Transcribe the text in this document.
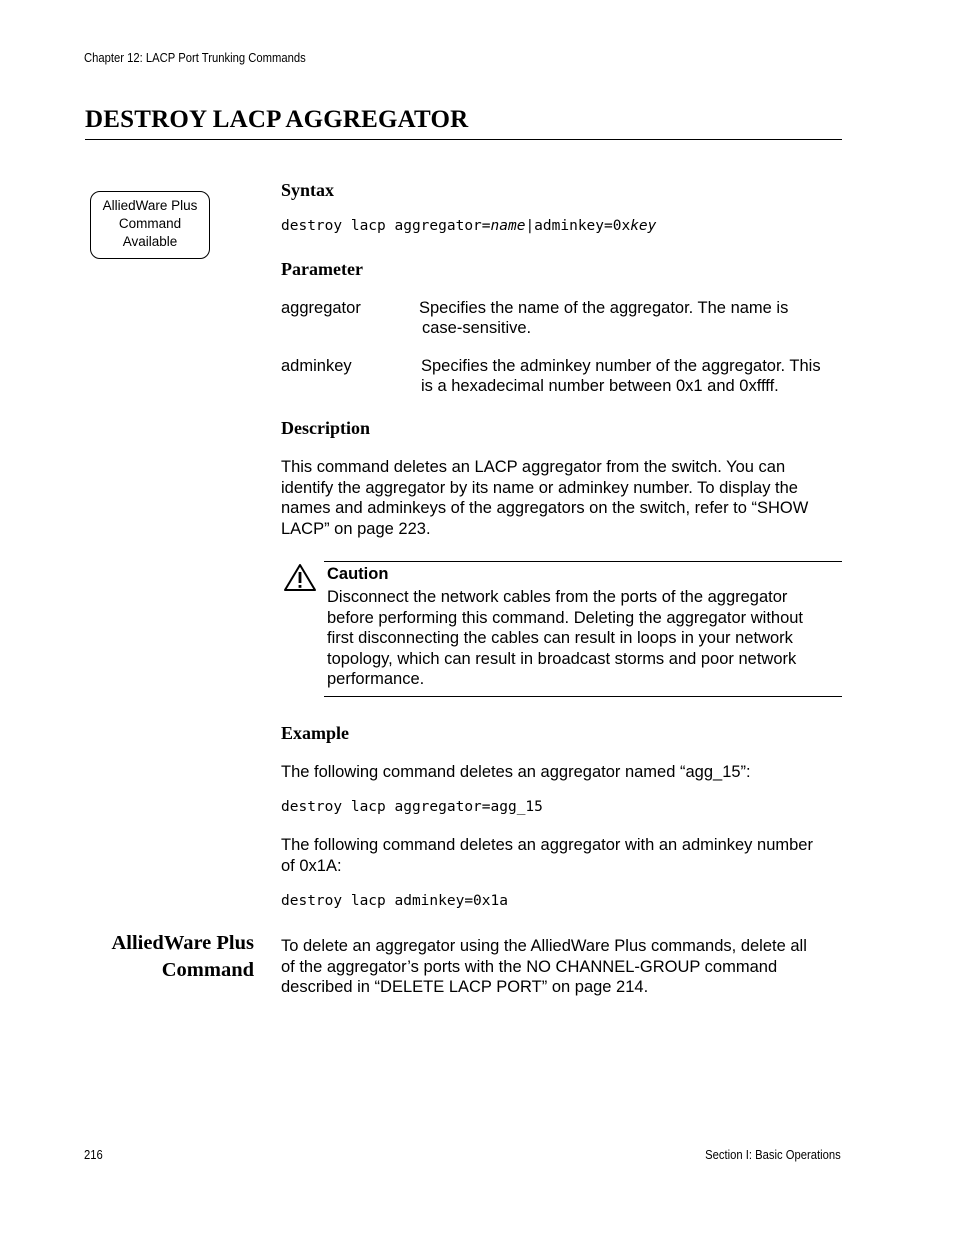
Chapter 12: LACP Port Trunking Commands
DESTROY LACP AGGREGATOR
AlliedWare Plus
Command
Available
Syntax
destroy lacp aggregator=name|adminkey=0xkey
Parameter
aggregator	Specifies the name of the aggregator. The name is
case-sensitive.
adminkey	Specifies the adminkey number of the aggregator. This
is a hexadecimal number between 0x1 and 0xffff.
Description
This command deletes an LACP aggregator from the switch. You can
identify the aggregator by its name or adminkey number. To display the
names and adminkeys of the aggregators on the switch, refer to “SHOW
LACP” on page 223.
Caution
Disconnect the network cables from the ports of the aggregator
before performing this command. Deleting the aggregator without
first disconnecting the cables can result in loops in your network
topology, which can result in broadcast storms and poor network
performance.
Example
The following command deletes an aggregator named “agg_15”:
destroy lacp aggregator=agg_15
The following command deletes an aggregator with an adminkey number
of 0x1A:
destroy lacp adminkey=0x1a
AlliedWare Plus
Command
To delete an aggregator using the AlliedWare Plus commands, delete all
of the aggregator’s ports with the NO CHANNEL-GROUP command
described in “DELETE LACP PORT” on page 214.
216	Section I: Basic Operations
